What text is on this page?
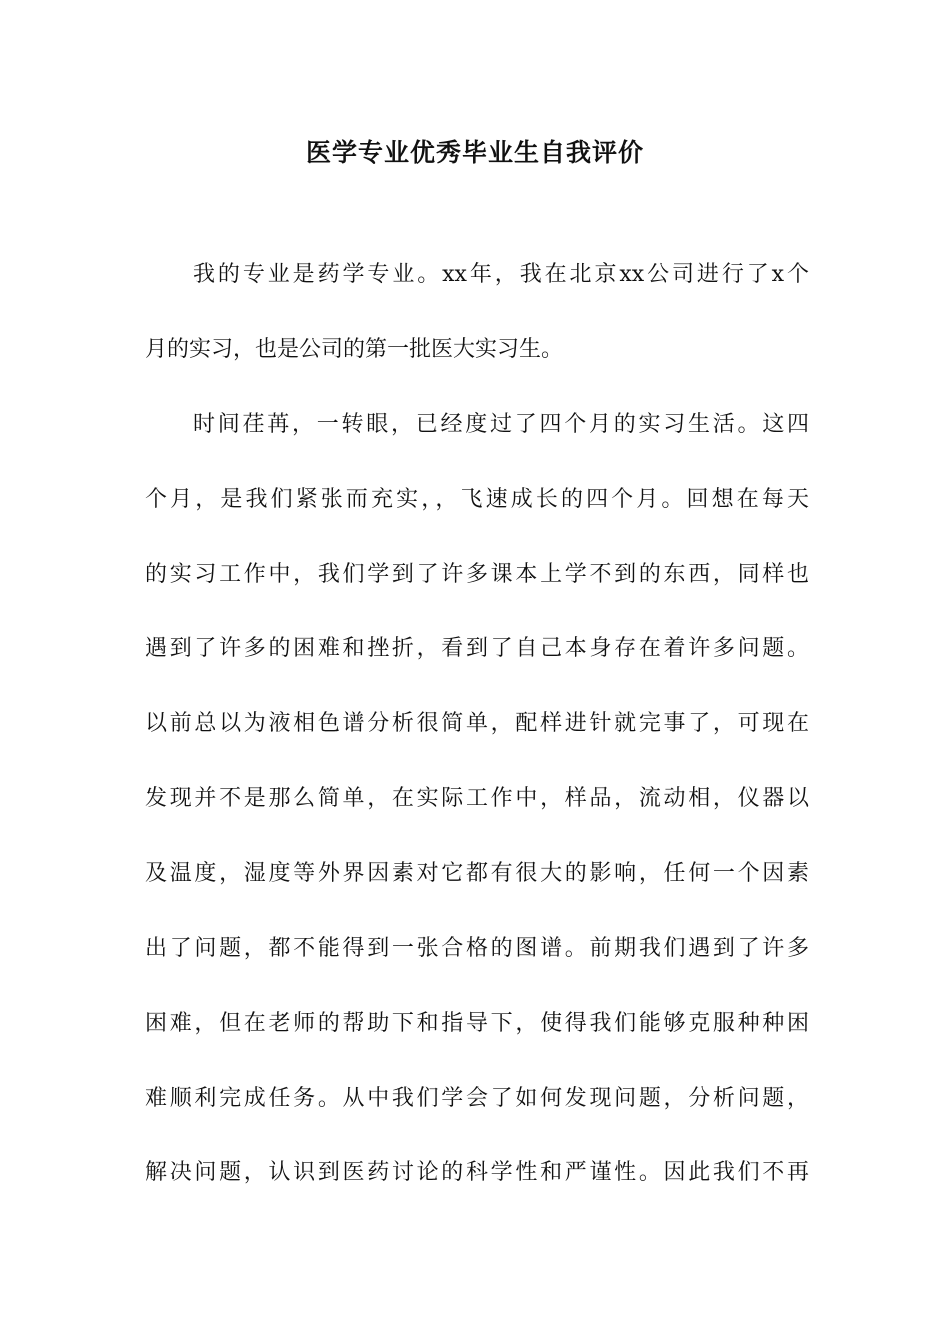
医学专业优秀毕业生自我评价
我的专业是药学专业。xx年，我在北京xx公司进行了x个
月的实习，也是公司的第一批医大实习生。
时间荏苒，一转眼，已经度过了四个月的实习生活。这四
个月，是我们紧张而充实，，飞速成长的四个月。回想在每天
的实习工作中，我们学到了许多课本上学不到的东西，同样也
遇到了许多的困难和挫折，看到了自己本身存在着许多问题。
以前总以为液相色谱分析很简单，配样进针就完事了，可现在
发现并不是那么简单，在实际工作中，样品，流动相，仪器以
及温度，湿度等外界因素对它都有很大的影响，任何一个因素
出了问题，都不能得到一张合格的图谱。前期我们遇到了许多
困难，但在老师的帮助下和指导下，使得我们能够克服种种困
难顺利完成任务。从中我们学会了如何发现问题，分析问题，
解决问题，认识到医药讨论的科学性和严谨性。因此我们不再
